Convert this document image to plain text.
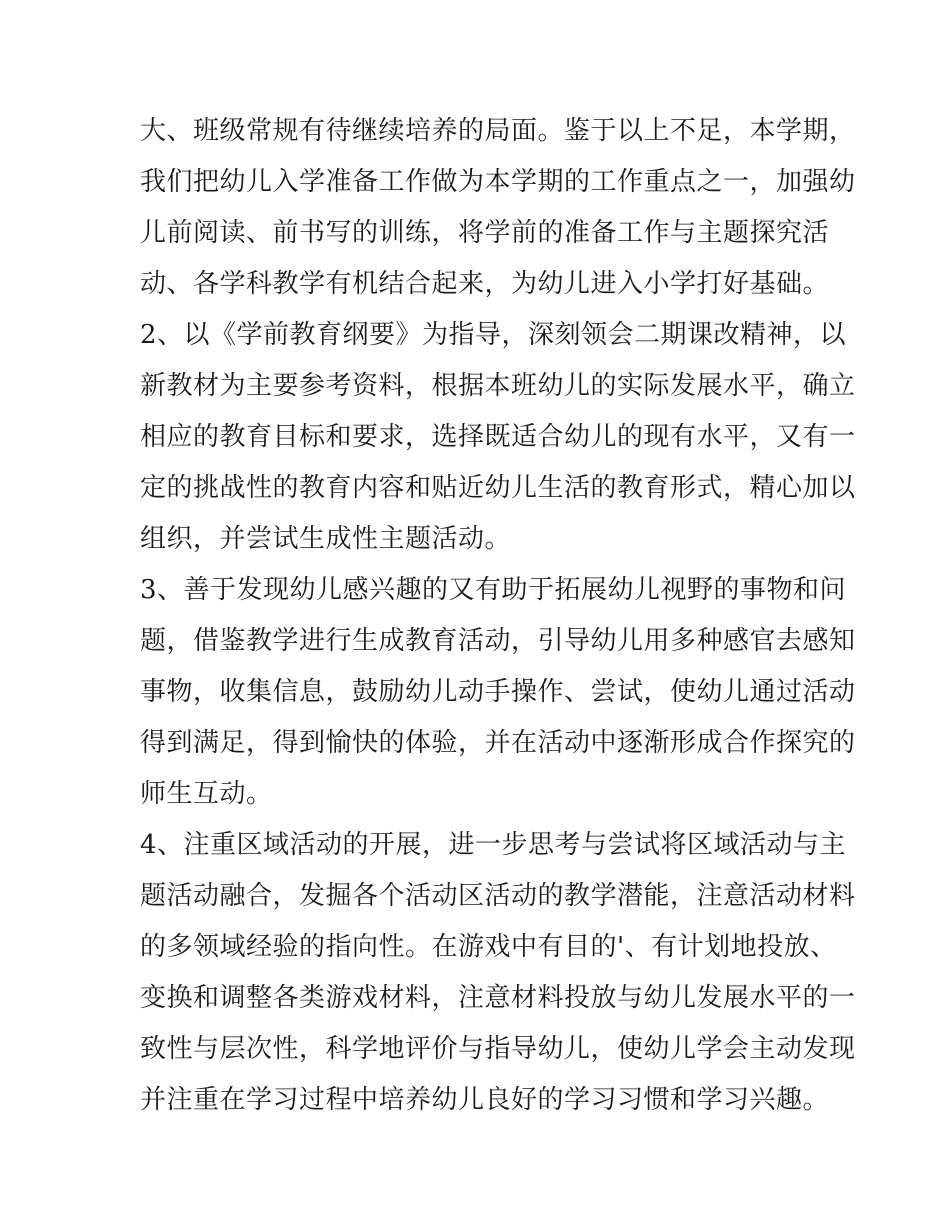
大、班级常规有待继续培养的局面。鉴于以上不足，本学期，
我们把幼儿入学准备工作做为本学期的工作重点之一，加强幼
儿前阅读、前书写的训练，将学前的准备工作与主题探究活
动、各学科教学有机结合起来，为幼儿进入小学打好基础。
2、以《学前教育纲要》为指导，深刻领会二期课改精神，以
新教材为主要参考资料，根据本班幼儿的实际发展水平，确立
相应的教育目标和要求，选择既适合幼儿的现有水平，又有一
定的挑战性的教育内容和贴近幼儿生活的教育形式，精心加以
组织，并尝试生成性主题活动。
3、善于发现幼儿感兴趣的又有助于拓展幼儿视野的事物和问
题，借鉴教学进行生成教育活动，引导幼儿用多种感官去感知
事物，收集信息，鼓励幼儿动手操作、尝试，使幼儿通过活动
得到满足，得到愉快的体验，并在活动中逐渐形成合作探究的
师生互动。
4、注重区域活动的开展，进一步思考与尝试将区域活动与主
题活动融合，发掘各个活动区活动的教学潜能，注意活动材料
的多领域经验的指向性。在游戏中有目的'、有计划地投放、
变换和调整各类游戏材料，注意材料投放与幼儿发展水平的一
致性与层次性，科学地评价与指导幼儿，使幼儿学会主动发现
并注重在学习过程中培养幼儿良好的学习习惯和学习兴趣。
